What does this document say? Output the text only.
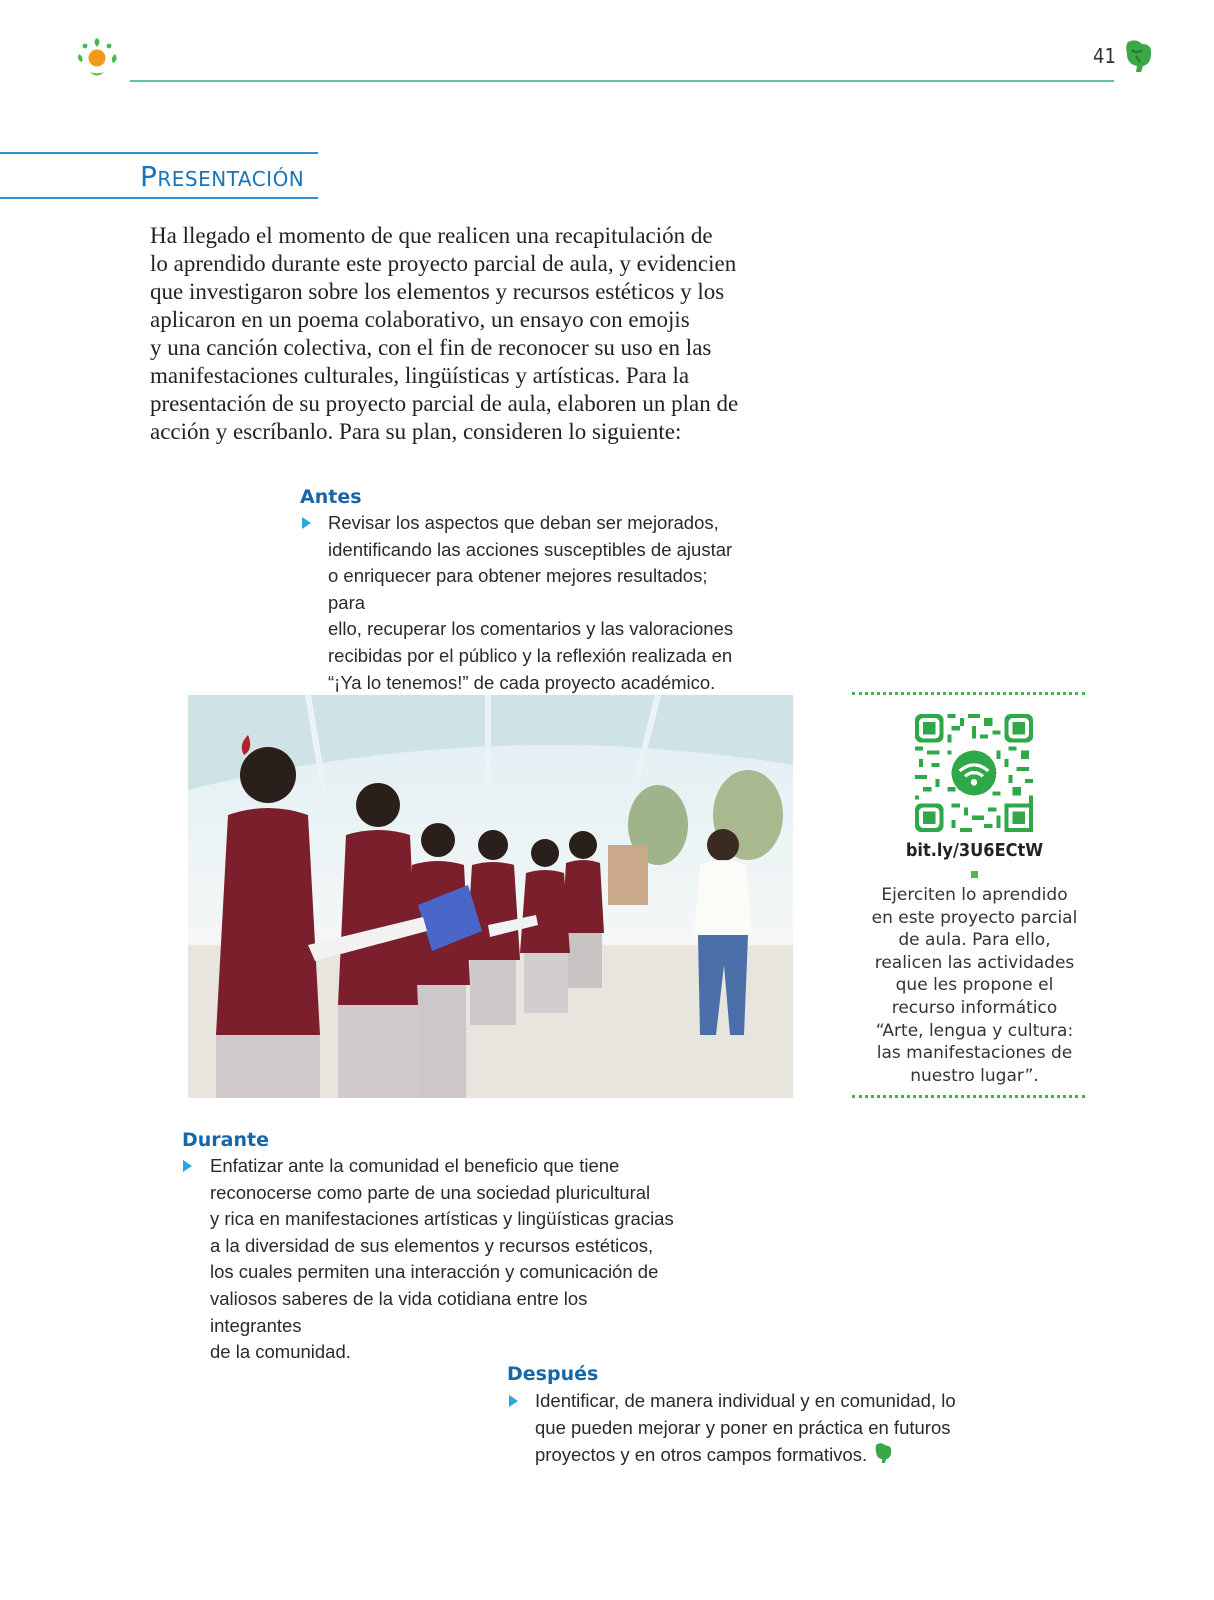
41
Presentación
Ha llegado el momento de que realicen una recapitulación de
lo aprendido durante este proyecto parcial de aula, y evidencien
que investigaron sobre los elementos y recursos estéticos y los
aplicaron en un poema colaborativo, un ensayo con emojis
y una canción colectiva, con el fin de reconocer su uso en las
manifestaciones culturales, lingüísticas y artísticas. Para la
presentación de su proyecto parcial de aula, elaboren un plan de
acción y escríbanlo. Para su plan, consideren lo siguiente:
Antes
Revisar los aspectos que deban ser mejorados,
identificando las acciones susceptibles de ajustar
o enriquecer para obtener mejores resultados; para
ello, recuperar los comentarios y las valoraciones
recibidas por el público y la reflexión realizada en
“¡Ya lo tenemos!” de cada proyecto académico.
bit.ly/3U6ECtW
Ejerciten lo aprendido
en este proyecto parcial
de aula. Para ello,
realicen las actividades
que les propone el
recurso informático
“Arte, lengua y cultura:
las manifestaciones de
nuestro lugar”.
Durante
Enfatizar ante la comunidad el beneficio que tiene
reconocerse como parte de una sociedad pluricultural
y rica en manifestaciones artísticas y lingüísticas gracias
a la diversidad de sus elementos y recursos estéticos,
los cuales permiten una interacción y comunicación de
valiosos saberes de la vida cotidiana entre los integrantes
de la comunidad.
Después
Identificar, de manera individual y en comunidad, lo
que pueden mejorar y poner en práctica en futuros
proyectos y en otros campos formativos.
